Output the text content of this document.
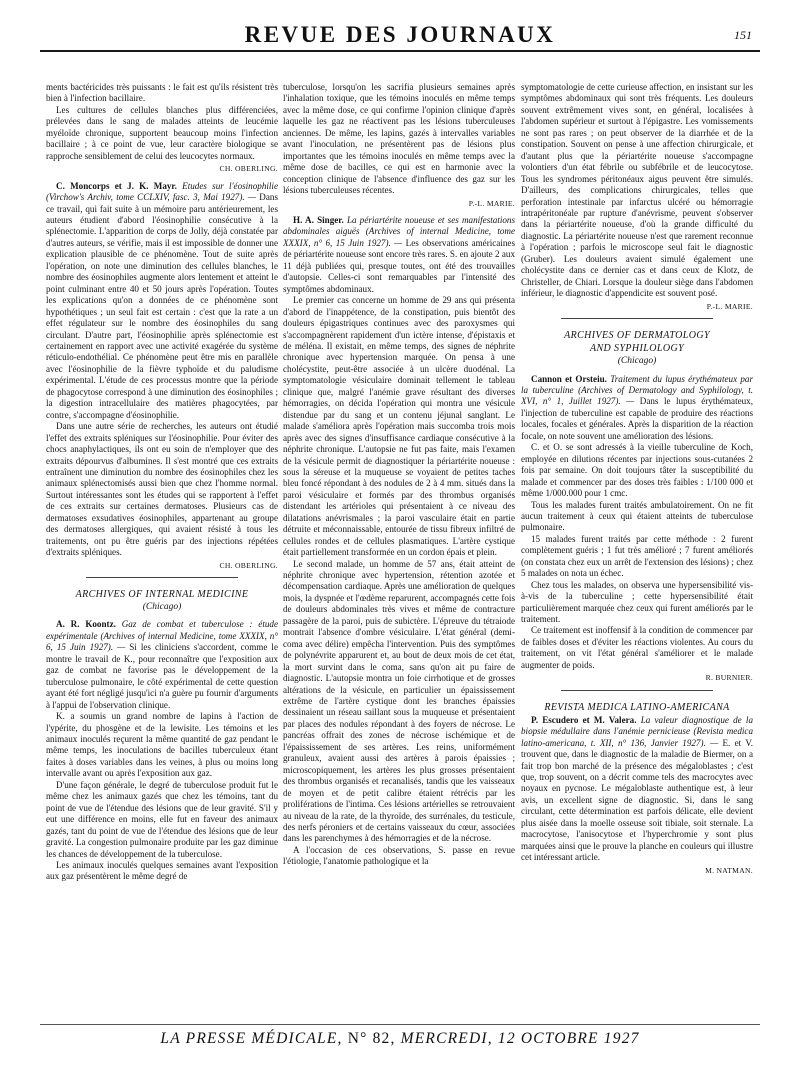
REVUE DES JOURNAUX	151

ments bactéricides très puissants : le fait est qu'ils résistent très bien à l'infection bacillaire.

Les cultures de cellules blanches plus différenciées, prélevées dans le sang de malades atteints de leucémie myéloïde chronique, supportent beaucoup moins l'infection bacillaire ; à ce point de vue, leur caractère biologique se rapproche sensiblement de celui des leucocytes normaux.

CH. OBERLING.

C. Moncorps et J. K. Mayr. Etudes sur l'éosinophilie (Virchow's Archiv, tome CCLXIV, fasc. 3, Mai 1927). — Dans ce travail, qui fait suite à un mémoire paru antérieurement, les auteurs étudient d'abord l'éosinophilie consécutive à la splénectomie. L'apparition de corps de Jolly, déjà constatée par d'autres auteurs, se vérifie, mais il est impossible de donner une explication plausible de ce phénomène. Tout de suite après l'opération, on note une diminution des cellules blanches, le nombre des éosinophiles augmente alors lentement et atteint le point culminant entre 40 et 50 jours après l'opération. Toutes les explications qu'on a données de ce phénomène sont hypothétiques ; un seul fait est certain : c'est que la rate a un effet régulateur sur le nombre des éosinophiles du sang circulant. D'autre part, l'éosinophilie après splénectomie est certainement en rapport avec une activité exagérée du système réticulo-endothélial. Ce phénomène peut être mis en parallèle avec l'éosinophilie de la fièvre typhoïde et du paludisme expérimental. L'étude de ces processus montre que la période de phagocytose correspond à une diminution des éosinophiles ; la digestion intracellulaire des matières phagocytées, par contre, s'accompagne d'éosinophilie.

Dans une autre série de recherches, les auteurs ont étudié l'effet des extraits spléniques sur l'éosinophilie. Pour éviter des chocs anaphylactiques, ils ont eu soin de n'employer que des extraits dépourvus d'albumines. Il s'est montré que ces extraits entraînent une diminution du nombre des éosinophiles chez les animaux splénectomisés aussi bien que chez l'homme normal. Surtout intéressantes sont les études qui se rapportent à l'effet de ces extraits sur certaines dermatoses. Plusieurs cas de dermatoses exsudatives éosinophiles, appartenant au groupe des dermatoses allergiques, qui avaient résisté à tous les traitements, ont pu être guéris par des injections répétées d'extraits spléniques.

CH. OBERLING.

ARCHIVES OF INTERNAL MEDICINE
(Chicago)

A. R. Koontz. Gaz de combat et tuberculose : étude expérimentale (Archives of internal Medicine, tome XXXIX, n° 6, 15 Juin 1927). — Si les cliniciens s'accordent, comme le montre le travail de K., pour reconnaître que l'exposition aux gaz de combat ne favorise pas le développement de la tuberculose pulmonaire, le côté expérimental de cette question ayant été fort négligé jusqu'ici n'a guère pu fournir d'arguments à l'appui de l'observation clinique.

K. a soumis un grand nombre de lapins à l'action de l'ypérite, du phosgène et de la lewisite. Les témoins et les animaux inoculés reçurent la même quantité de gaz pendant le même temps, les inoculations de bacilles tuberculeux étant faites à doses variables dans les veines, à plus ou moins long intervalle avant ou après l'exposition aux gaz.

D'une façon générale, le degré de tuberculose produit fut le même chez les animaux gazés que chez les témoins, tant du point de vue de l'étendue des lésions que de leur gravité. S'il y eut une différence en moins, elle fut en faveur des animaux gazés, tant du point de vue de l'étendue des lésions que de leur gravité. La congestion pulmonaire produite par les gaz diminue les chances de développement de la tuberculose.

Les animaux inoculés quelques semaines avant l'exposition aux gaz présentèrent le même degré de

tuberculose, lorsqu'on les sacrifia plusieurs semaines après l'inhalation toxique, que les témoins inoculés en même temps avec la même dose, ce qui confirme l'opinion clinique d'après laquelle les gaz ne réactivent pas les lésions tuberculeuses anciennes. De même, les lapins, gazés à intervalles variables avant l'inoculation, ne présentèrent pas de lésions plus importantes que les témoins inoculés en même temps avec la même dose de bacilles, ce qui est en harmonie avec la conception clinique de l'absence d'influence des gaz sur les lésions tuberculeuses récentes.

P.-L. MARIE.

H. A. Singer. La périartérite noueuse et ses manifestations abdominales aiguës (Archives of internal Medicine, tome XXXIX, n° 6, 15 Juin 1927). — Les observations américaines de périartérite noueuse sont encore très rares. S. en ajoute 2 aux 11 déjà publiées qui, presque toutes, ont été des trouvailles d'autopsie. Celles-ci sont remarquables par l'intensité des symptômes abdominaux.

Le premier cas concerne un homme de 29 ans qui présenta d'abord de l'inappétence, de la constipation, puis bientôt des douleurs épigastriques continues avec des paroxysmes qui s'accompagnèrent rapidement d'un ictère intense, d'épistaxis et de méléna. Il existait, en même temps, des signes de néphrite chronique avec hypertension marquée. On pensa à une cholécystite, peut-être associée à un ulcère duodénal. La symptomatologie vésiculaire dominait tellement le tableau clinique que, malgré l'anémie grave résultant des diverses hémorragies, on décida l'opération qui montra une vésicule distendue par du sang et un contenu jéjunal sanglant. Le malade s'améliora après l'opération mais succomba trois mois après avec des signes d'insuffisance cardiaque consécutive à la néphrite chronique. L'autopsie ne fut pas faite, mais l'examen de la vésicule permit de diagnostiquer la périartérite noueuse : sous la séreuse et la muqueuse se voyaient de petites taches bleu foncé répondant à des nodules de 2 à 4 mm. situés dans la paroi vésiculaire et formés par des thrombus organisés distendant les artérioles qui présentaient à ce niveau des dilatations anévrismales ; la paroi vasculaire était en partie détruite et méconnaissable, entourée de tissu fibreux infiltré de cellules rondes et de cellules plasmatiques. L'artère cystique était partiellement transformée en un cordon épais et plein.

Le second malade, un homme de 57 ans, était atteint de néphrite chronique avec hypertension, rétention azotée et décompensation cardiaque. Après une amélioration de quelques mois, la dyspnée et l'œdème reparurent, accompagnés cette fois de douleurs abdominales très vives et même de contracture passagère de la paroi, puis de subictère. L'épreuve du tétraiode montrait l'absence d'ombre vésiculaire. L'état général (demi-coma avec délire) empêcha l'intervention. Puis des symptômes de polynévrite apparurent et, au bout de deux mois de cet état, la mort survint dans le coma, sans qu'on ait pu faire de diagnostic. L'autopsie montra un foie cirrhotique et de grosses altérations de la vésicule, en particulier un épaississement extrême de l'artère cystique dont les branches épaissies dessinaient un réseau saillant sous la muqueuse et présentaient par places des nodules répondant à des foyers de nécrose. Le pancréas offrait des zones de nécrose ischémique et de l'épaississement de ses artères. Les reins, uniformément granuleux, avaient aussi des artères à parois épaissies ; microscopiquement, les artères les plus grosses présentaient des thrombus organisés et recanalisés, tandis que les vaisseaux de moyen et de petit calibre étaient rétrécis par les proliférations de l'intima. Ces lésions artérielles se retrouvaient au niveau de la rate, de la thyroïde, des surrénales, du testicule, des nerfs péroniers et de certains vaisseaux du cœur, associées dans les parenchymes à des hémorragies et de la nécrose.

A l'occasion de ces observations, S. passe en revue l'étiologie, l'anatomie pathologique et la

symptomatologie de cette curieuse affection, en insistant sur les symptômes abdominaux qui sont très fréquents. Les douleurs souvent extrêmement vives sont, en général, localisées à l'abdomen supérieur et surtout à l'épigastre. Les vomissements ne sont pas rares ; on peut observer de la diarrhée et de la constipation. Souvent on pense à une affection chirurgicale, et d'autant plus que la périartérite noueuse s'accompagne volontiers d'un état fébrile ou subfébrile et de leucocytose. Tous les syndromes péritonéaux aigus peuvent être simulés. D'ailleurs, des complications chirurgicales, telles que perforation intestinale par infarctus ulcéré ou hémorragie intrapéritonéale par rupture d'anévrisme, peuvent s'observer dans la périartérite noueuse, d'où la grande difficulté du diagnostic. La périartérite noueuse n'est que rarement reconnue à l'opération ; parfois le microscope seul fait le diagnostic (Gruber). Les douleurs avaient simulé également une cholécystite dans ce dernier cas et dans ceux de Klotz, de Christeller, de Chiari. Lorsque la douleur siège dans l'abdomen inférieur, le diagnostic d'appendicite est souvent posé.

P.-L. MARIE.

ARCHIVES OF DERMATOLOGY
AND SYPHILOLOGY
(Chicago)

Cannon et Orsteiu. Traitement du lupus érythémateux par la tuberculine (Archives of Dermatology and Syphilology, t. XVI, n° 1, Juillet 1927). — Dans le lupus érythémateux, l'injection de tuberculine est capable de produire des réactions locales, focales et générales. Après la disparition de la réaction focale, on note souvent une amélioration des lésions.

C. et O. se sont adressés à la vieille tuberculine de Koch, employée en dilutions récentes par injections sous-cutanées 2 fois par semaine. On doit toujours tâter la susceptibilité du malade et commencer par des doses très faibles : 1/100 000 et même 1/000.000 pour 1 cmc.

Tous les malades furent traités ambulatoirement. On ne fit aucun traitement à ceux qui étaient atteints de tuberculose pulmonaire.

15 malades furent traités par cette méthode : 2 furent complètement guéris ; 1 fut très amélioré ; 7 furent améliorés (on constata chez eux un arrêt de l'extension des lésions) ; chez 5 malades on nota un échec.

Chez tous les malades, on observa une hypersensibilité vis-à-vis de la tuberculine ; cette hypersensibilité était particulièrement marquée chez ceux qui furent améliorés par le traitement.

Ce traitement est inoffensif à la condition de commencer par de faibles doses et d'éviter les réactions violentes. Au cours du traitement, on vit l'état général s'améliorer et le malade augmenter de poids.

R. BURNIER.

REVISTA MEDICA LATINO-AMERICANA

P. Escudero et M. Valera. La valeur diagnostique de la biopsie médullaire dans l'anémie pernicieuse (Revista medica latino-americana, t. XII, n° 136, Janvier 1927). — E. et V. trouvent que, dans le diagnostic de la maladie de Biermer, on a fait trop bon marché de la présence des mégaloblastes ; c'est que, trop souvent, on a décrit comme tels des macrocytes avec noyaux en pycnose. Le mégaloblaste authentique est, à leur avis, un excellent signe de diagnostic. Si, dans le sang circulant, cette détermination est parfois délicate, elle devient plus aisée dans la moelle osseuse soit tibiale, soit sternale. La macrocytose, l'anisocytose et l'hyperchromie y sont plus marquées ainsi que le prouve la planche en couleurs qui illustre cet intéressant article.

M. NATMAN.

LA PRESSE MÉDICALE, N° 82, MERCREDI, 12 OCTOBRE 1927
